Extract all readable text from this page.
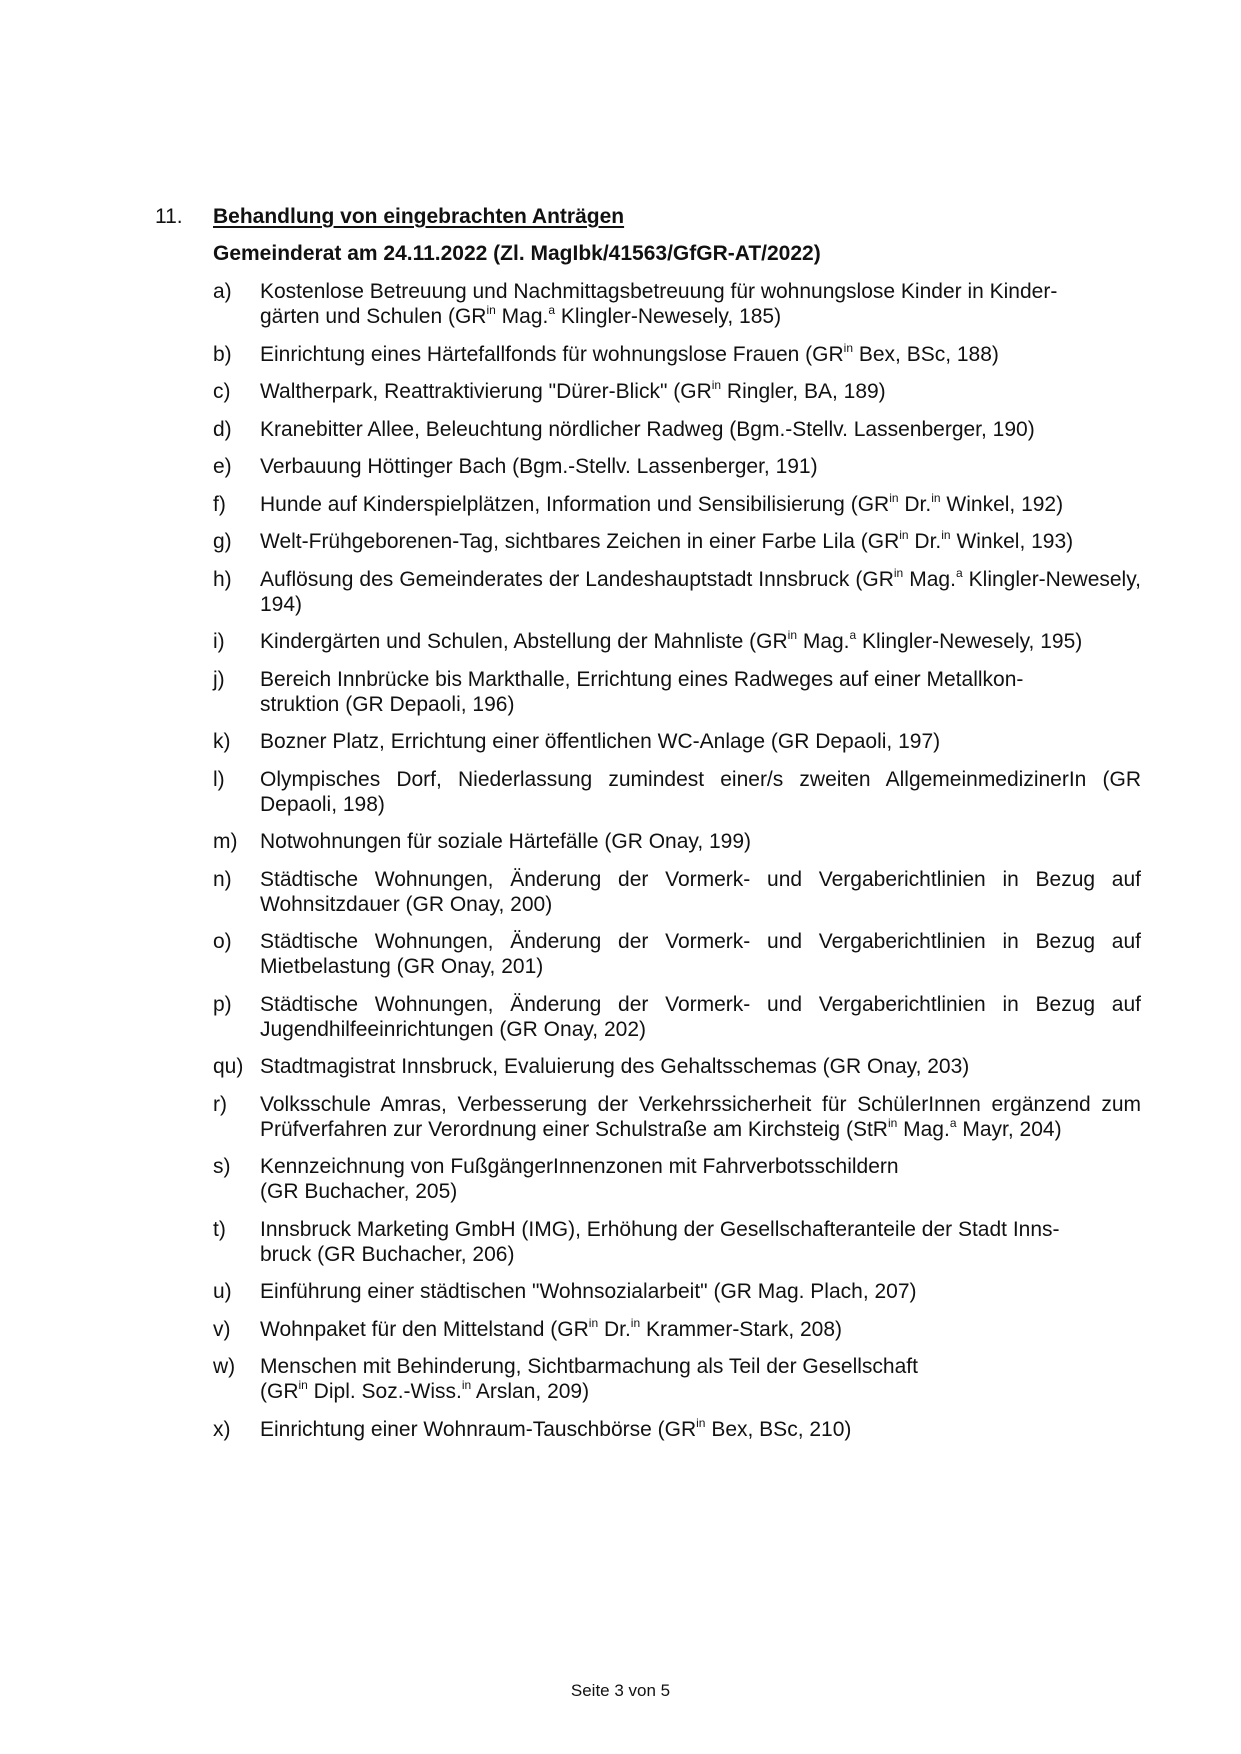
11. Behandlung von eingebrachten Anträgen
Gemeinderat am 24.11.2022 (Zl. MagIbk/41563/GfGR-AT/2022)
a)	Kostenlose Betreuung und Nachmittagsbetreuung für wohnungslose Kinder in Kinder-
gärten und Schulen ($GR^{in}$ Mag.$^a$ Klingler-Newesely, 185)
b)	Einrichtung eines Härtefallfonds für wohnungslose Frauen ($GR^{in}$ Bex, BSc, 188)
c)	Waltherpark, Reattraktivierung "Dürer-Blick" ($GR^{in}$ Ringler, BA, 189)
d)	Kranebitter Allee, Beleuchtung nördlicher Radweg (Bgm.-Stellv. Lassenberger, 190)
e)	Verbauung Höttinger Bach (Bgm.-Stellv. Lassenberger, 191)
f)	Hunde auf Kinderspielplätzen, Information und Sensibilisierung ($GR^{in}$ Dr.$^{in}$ Winkel, 192)
g)	Welt-Frühgeborenen-Tag, sichtbares Zeichen in einer Farbe Lila ($GR^{in}$ Dr.$^{in}$ Winkel, 193)
h)	Auflösung des Gemeinderates der Landeshauptstadt Innsbruck ($GR^{in}$ Mag.$^a$ Klingler-Newesely, 194)
i)	Kindergärten und Schulen, Abstellung der Mahnliste ($GR^{in}$ Mag.$^a$ Klingler-Newesely, 195)
j)	Bereich Innbrücke bis Markthalle, Errichtung eines Radweges auf einer Metallkon-
struktion (GR Depaoli, 196)
k)	Bozner Platz, Errichtung einer öffentlichen WC-Anlage (GR Depaoli, 197)
l)	Olympisches Dorf, Niederlassung zumindest einer/s zweiten AllgemeinmedizinerIn (GR Depaoli, 198)
m)	Notwohnungen für soziale Härtefälle (GR Onay, 199)
n)	Städtische Wohnungen, Änderung der Vormerk- und Vergaberichtlinien in Bezug auf Wohnsitzdauer (GR Onay, 200)
o)	Städtische Wohnungen, Änderung der Vormerk- und Vergaberichtlinien in Bezug auf Mietbelastung (GR Onay, 201)
p)	Städtische Wohnungen, Änderung der Vormerk- und Vergaberichtlinien in Bezug auf Jugendhilfeeinrichtungen (GR Onay, 202)
qu) Stadtmagistrat Innsbruck, Evaluierung des Gehaltsschemas (GR Onay, 203)
r)	Volksschule Amras, Verbesserung der Verkehrssicherheit für SchülerInnen ergänzend zum Prüfverfahren zur Verordnung einer Schulstraße am Kirchsteig (StR$^{in}$ Mag.$^a$ Mayr, 204)
s)	Kennzeichnung von FußgängerInnenzonen mit Fahrverbotsschildern
(GR Buchacher, 205)
t)	Innsbruck Marketing GmbH (IMG), Erhöhung der Gesellschafteranteile der Stadt Inns-
bruck (GR Buchacher, 206)
u)	Einführung einer städtischen "Wohnsozialarbeit" (GR Mag. Plach, 207)
v)	Wohnpaket für den Mittelstand ($GR^{in}$ Dr.$^{in}$ Krammer-Stark, 208)
w)	Menschen mit Behinderung, Sichtbarmachung als Teil der Gesellschaft
($GR^{in}$ Dipl. Soz.-Wiss.$^{in}$ Arslan, 209)
x)	Einrichtung einer Wohnraum-Tauschbörse ($GR^{in}$ Bex, BSc, 210)
Seite 3 von 5
